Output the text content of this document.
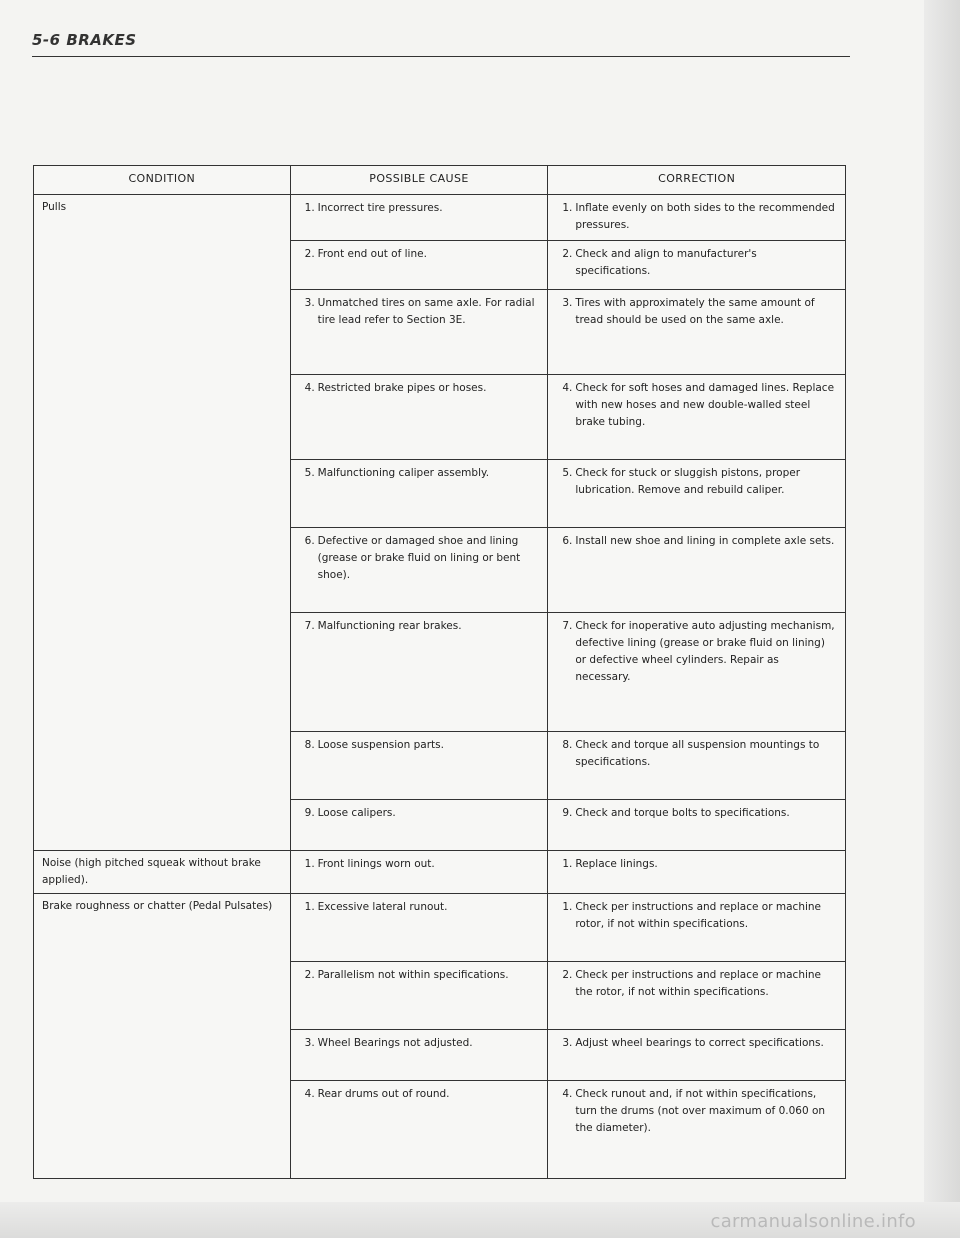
5-6 BRAKES
CONDITION	POSSIBLE CAUSE	CORRECTION
Pulls	1. Incorrect tire pressures.	1. Inflate evenly on both sides to the recommended pressures.

	2. Front end out of line.	2. Check and align to manufacturer's specifications.

	3. Unmatched tires on same axle. For radial tire lead refer to Section 3E.	3. Tires with approximately the same amount of tread should be used on the same axle.

	4. Restricted brake pipes or hoses.	4. Check for soft hoses and damaged lines. Replace with new hoses and new double-walled steel brake tubing.

	5. Malfunctioning caliper assembly.	5. Check for stuck or sluggish pistons, proper lubrication. Remove and rebuild caliper.

	6. Defective or damaged shoe and lining (grease or brake fluid on lining or bent shoe).	6. Install new shoe and lining in complete axle sets.

	7. Malfunctioning rear brakes.	7. Check for inoperative auto adjusting mechanism, defective lining (grease or brake fluid on lining) or defective wheel cylinders. Repair as necessary.

	8. Loose suspension parts.	8. Check and torque all suspension mountings to specifications.

	9. Loose calipers.	9. Check and torque bolts to specifications.

Noise (high pitched squeak without brake applied).	1. Front linings worn out.	1. Replace linings.

Brake roughness or chatter (Pedal Pulsates)	1. Excessive lateral runout.	1. Check per instructions and replace or machine rotor, if not within specifications.

	2. Parallelism not within specifications.	2. Check per instructions and replace or machine the rotor, if not within specifications.

	3. Wheel Bearings not adjusted.	3. Adjust wheel bearings to correct specifications.

	4. Rear drums out of round.	4. Check runout and, if not within specifications, turn the drums (not over maximum of 0.060 on the diameter).
carmanualsonline.info
